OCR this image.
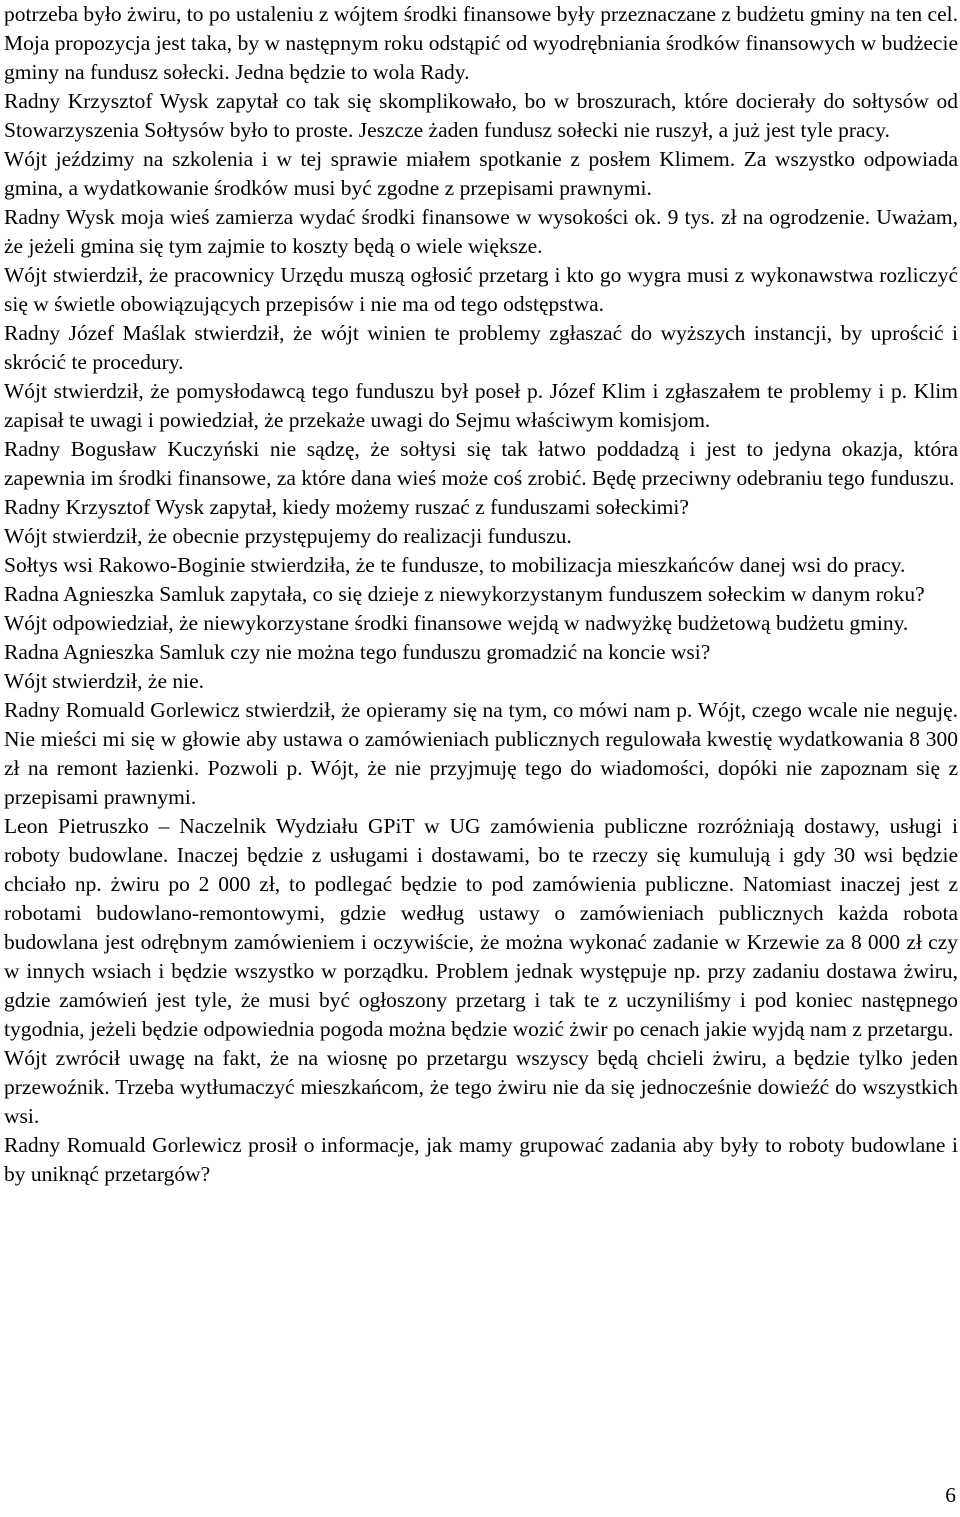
potrzeba było żwiru, to po ustaleniu z wójtem środki finansowe były przeznaczane z budżetu gminy na ten cel. Moja propozycja jest taka, by w następnym roku odstąpić od wyodrębniania środków finansowych w budżecie gminy na fundusz sołecki. Jedna będzie to wola Rady.

Radny Krzysztof Wysk zapytał co tak się skomplikowało, bo w broszurach, które docierały do sołtysów od Stowarzyszenia Sołtysów było to proste. Jeszcze żaden fundusz sołecki nie ruszył, a już jest tyle pracy.

Wójt jeździmy na szkolenia i w tej sprawie miałem spotkanie z posłem Klimem. Za wszystko odpowiada gmina, a wydatkowanie środków musi być zgodne z przepisami prawnymi.

Radny Wysk moja wieś zamierza wydać środki finansowe w wysokości ok. 9 tys. zł na ogrodzenie. Uważam, że jeżeli gmina się tym zajmie to koszty będą o wiele większe.

Wójt stwierdził, że pracownicy Urzędu muszą ogłosić przetarg i kto go wygra musi z wykonawstwa rozliczyć się w świetle obowiązujących przepisów i nie ma od tego odstępstwa.

Radny Józef Maślak stwierdził, że wójt winien te problemy zgłaszać do wyższych instancji, by uprościć i skrócić te procedury.

Wójt stwierdził, że pomysłodawcą tego funduszu był poseł p. Józef Klim i zgłaszałem te problemy i p. Klim zapisał te uwagi i powiedział, że przekaże uwagi do Sejmu właściwym komisjom.

Radny Bogusław Kuczyński nie sądzę, że sołtysi się tak łatwo poddadzą i jest to jedyna okazja, która zapewnia im środki finansowe, za które dana wieś może coś zrobić. Będę przeciwny odebraniu tego funduszu.

Radny Krzysztof Wysk zapytał, kiedy możemy ruszać z funduszami sołeckimi?

Wójt stwierdził, że obecnie przystępujemy do realizacji funduszu.

Sołtys wsi Rakowo-Boginie stwierdziła, że te fundusze, to mobilizacja mieszkańców danej wsi do pracy.

Radna Agnieszka Samluk zapytała, co się dzieje z niewykorzystanym funduszem sołeckim w danym roku?

Wójt odpowiedział, że niewykorzystane środki finansowe wejdą w nadwyżkę budżetową budżetu gminy.

Radna Agnieszka Samluk czy nie można tego funduszu gromadzić na koncie wsi?

Wójt stwierdził, że nie.

Radny Romuald Gorlewicz stwierdził, że opieramy się na tym, co mówi nam p. Wójt, czego wcale nie neguję. Nie mieści mi się w głowie aby ustawa o zamówieniach publicznych regulowała kwestię wydatkowania 8 300 zł na remont łazienki. Pozwoli p. Wójt, że nie przyjmuję tego do wiadomości, dopóki nie zapoznam się z przepisami prawnymi.

Leon Pietruszko – Naczelnik Wydziału GPiT w UG zamówienia publiczne rozróżniają dostawy, usługi i roboty budowlane. Inaczej będzie z usługami i dostawami, bo te rzeczy się kumulują i gdy 30 wsi będzie chciało np. żwiru po 2 000 zł, to podlegać będzie to pod zamówienia publiczne. Natomiast inaczej jest z robotami budowlano-remontowymi, gdzie według ustawy o zamówieniach publicznych każda robota budowlana jest odrębnym zamówieniem i oczywiście, że można wykonać zadanie w Krzewie za 8 000 zł czy w innych wsiach i będzie wszystko w porządku. Problem jednak występuje np. przy zadaniu dostawa żwiru, gdzie zamówień jest tyle, że musi być ogłoszony przetarg i tak te z uczyniliśmy i pod koniec następnego tygodnia, jeżeli będzie odpowiednia pogoda można będzie wozić żwir po cenach jakie wyjdą nam z przetargu.

Wójt zwrócił uwagę na fakt, że na wiosnę po przetargu wszyscy będą chcieli żwiru, a będzie tylko jeden przewoźnik. Trzeba wytłumaczyć mieszkańcom, że tego żwiru nie da się jednocześnie dowieźć do wszystkich wsi.

Radny Romuald Gorlewicz prosił o informacje, jak mamy grupować zadania aby były to roboty budowlane i by uniknąć przetargów?

6
